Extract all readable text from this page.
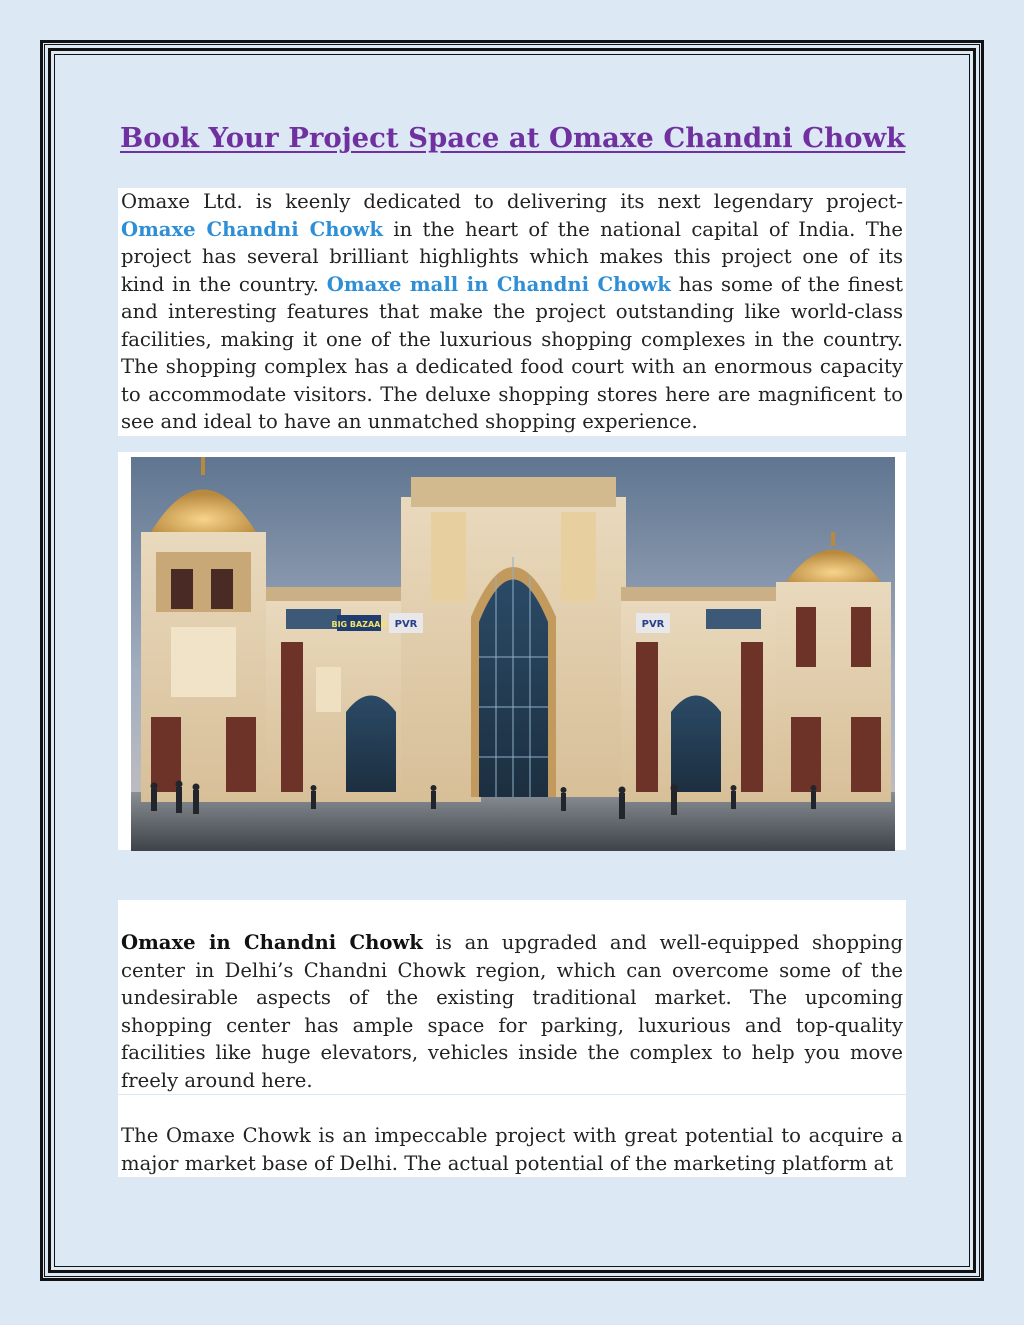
Book Your Project Space at Omaxe Chandni Chowk

Omaxe Ltd. is keenly dedicated to delivering its next legendary project-Omaxe Chandni Chowk in the heart of the national capital of India. The project has several brilliant highlights which makes this project one of its kind in the country. Omaxe mall in Chandni Chowk has some of the finest and interesting features that make the project outstanding like world-class facilities, making it one of the luxurious shopping complexes in the country. The shopping complex has a dedicated food court with an enormous capacity to accommodate visitors. The deluxe shopping stores here are magnificent to see and ideal to have an unmatched shopping experience.

BIG BAZAAR PVR	PVR

Omaxe in Chandni Chowk is an upgraded and well-equipped shopping center in Delhi’s Chandni Chowk region, which can overcome some of the undesirable aspects of the existing traditional market. The upcoming shopping center has ample space for parking, luxurious and top-quality facilities like huge elevators, vehicles inside the complex to help you move freely around here.

The Omaxe Chowk is an impeccable project with great potential to acquire a major market base of Delhi. The actual potential of the marketing platform at
